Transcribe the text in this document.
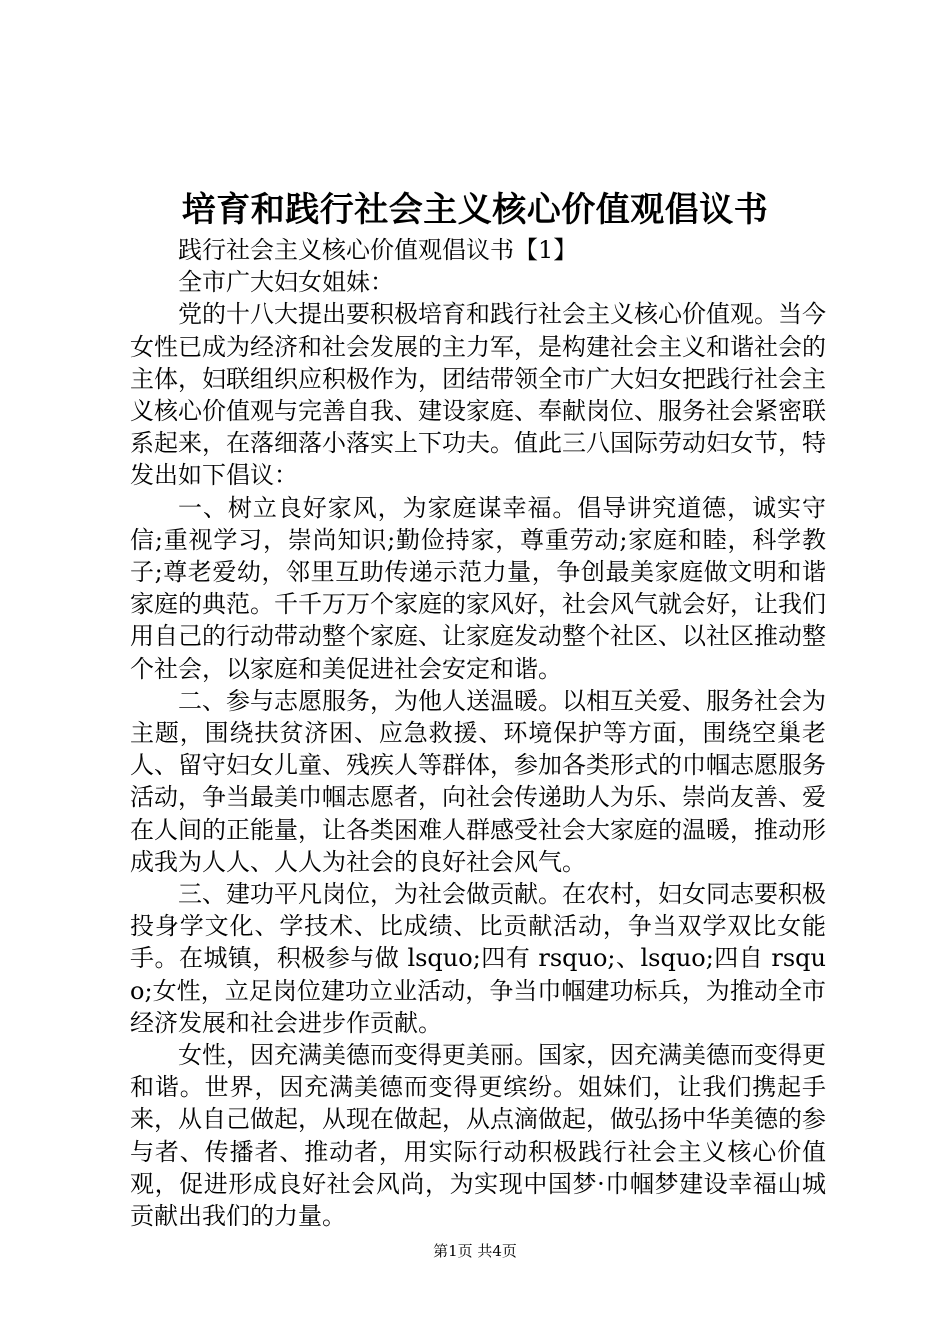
培育和践行社会主义核心价值观倡议书

践行社会主义核心价值观倡议书【1】

全市广大妇女姐妹：

党的十八大提出要积极培育和践行社会主义核心价值观。当今女性已成为经济和社会发展的主力军，是构建社会主义和谐社会的主体，妇联组织应积极作为，团结带领全市广大妇女把践行社会主义核心价值观与完善自我、建设家庭、奉献岗位、服务社会紧密联系起来，在落细落小落实上下功夫。值此三八国际劳动妇女节，特发出如下倡议：

一、树立良好家风，为家庭谋幸福。倡导讲究道德，诚实守信;重视学习，崇尚知识;勤俭持家，尊重劳动;家庭和睦，科学教子;尊老爱幼，邻里互助传递示范力量，争创最美家庭做文明和谐家庭的典范。千千万万个家庭的家风好，社会风气就会好，让我们用自己的行动带动整个家庭、让家庭发动整个社区、以社区推动整个社会，以家庭和美促进社会安定和谐。

二、参与志愿服务，为他人送温暖。以相互关爱、服务社会为主题，围绕扶贫济困、应急救援、环境保护等方面，围绕空巢老人、留守妇女儿童、残疾人等群体，参加各类形式的巾帼志愿服务活动，争当最美巾帼志愿者，向社会传递助人为乐、崇尚友善、爱在人间的正能量，让各类困难人群感受社会大家庭的温暖，推动形成我为人人、人人为社会的良好社会风气。

三、建功平凡岗位，为社会做贡献。在农村，妇女同志要积极投身学文化、学技术、比成绩、比贡献活动，争当双学双比女能手。在城镇，积极参与做 lsquo;四有 rsquo;、lsquo;四自 rsquo;女性，立足岗位建功立业活动，争当巾帼建功标兵，为推动全市经济发展和社会进步作贡献。

女性，因充满美德而变得更美丽。国家，因充满美德而变得更和谐。世界，因充满美德而变得更缤纷。姐妹们，让我们携起手来，从自己做起，从现在做起，从点滴做起，做弘扬中华美德的参与者、传播者、推动者，用实际行动积极践行社会主义核心价值观，促进形成良好社会风尚，为实现中国梦·巾帼梦建设幸福山城贡献出我们的力量。

第1页 共4页
